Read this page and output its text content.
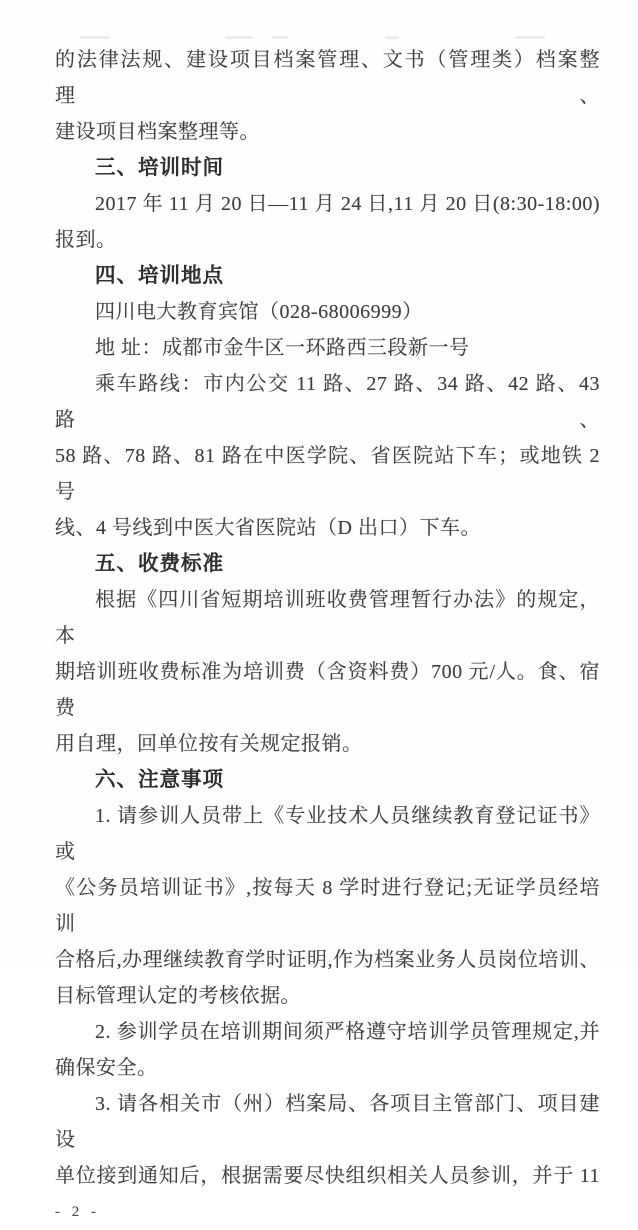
的法律法规、建设项目档案管理、文书（管理类）档案整理、

建设项目档案整理等。

三、培训时间

2017 年 11 月 20 日—11 月 24 日,11 月 20 日(8:30-18:00)

报到。

四、培训地点

四川电大教育宾馆（028-68006999）

地 址：成都市金牛区一环路西三段新一号

乘车路线：市内公交 11 路、27 路、34 路、42 路、43 路、

58 路、78 路、81 路在中医学院、省医院站下车；或地铁 2 号

线、4 号线到中医大省医院站（D 出口）下车。

五、收费标准

根据《四川省短期培训班收费管理暂行办法》的规定，本

期培训班收费标准为培训费（含资料费）700 元/人。食、宿费

用自理，回单位按有关规定报销。

六、注意事项

1. 请参训人员带上《专业技术人员继续教育登记证书》或

《公务员培训证书》,按每天 8 学时进行登记;无证学员经培训

合格后,办理继续教育学时证明,作为档案业务人员岗位培训、

目标管理认定的考核依据。

2. 参训学员在培训期间须严格遵守培训学员管理规定,并

确保安全。

3. 请各相关市（州）档案局、各项目主管部门、项目建设

单位接到通知后，根据需要尽快组织相关人员参训，并于 11

- 2 -
